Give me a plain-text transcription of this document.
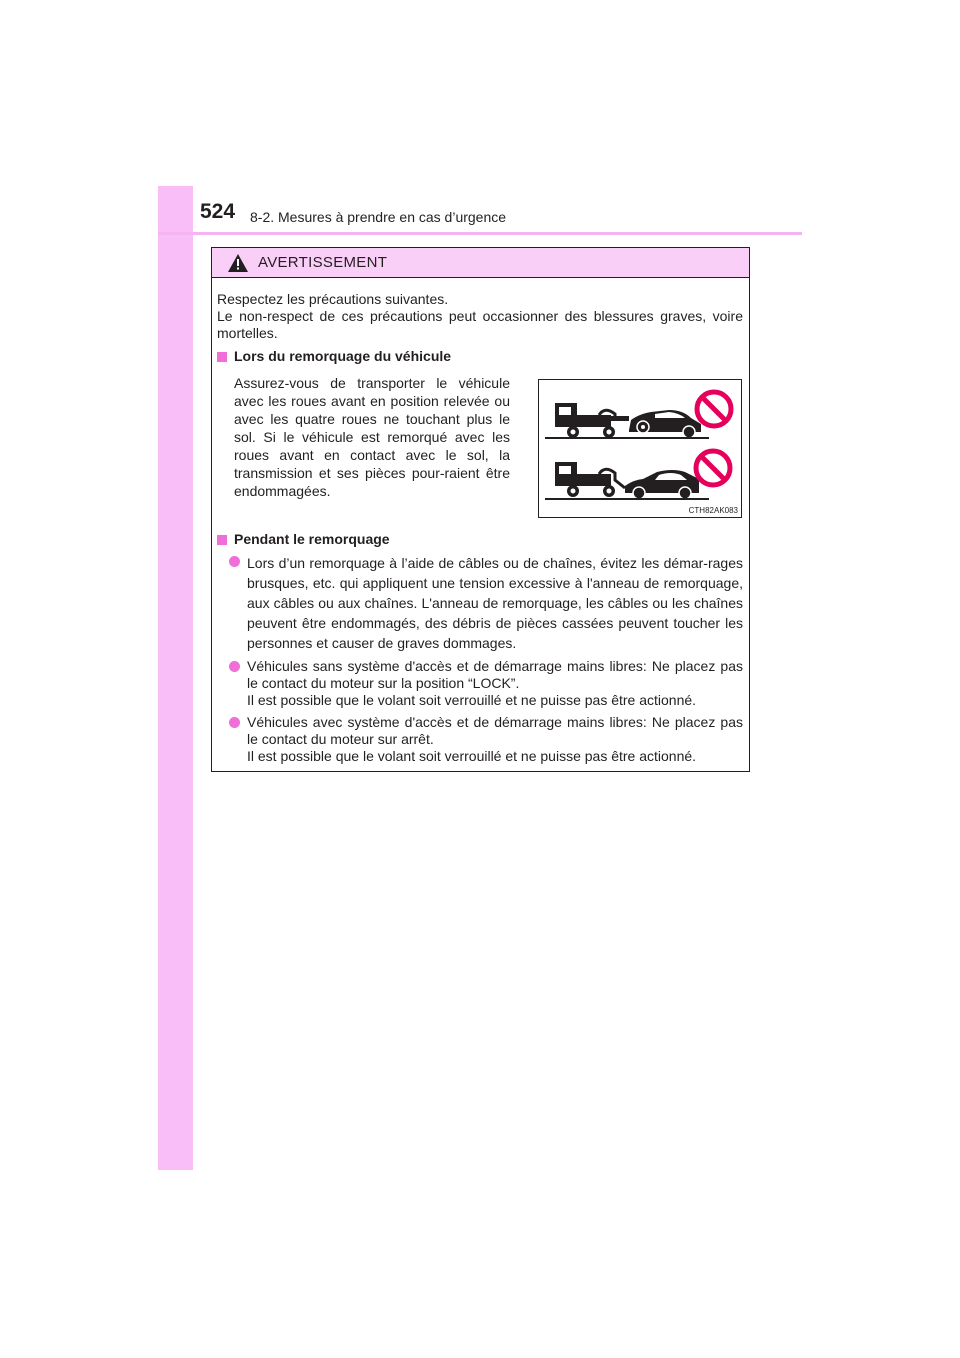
524 8-2. Mesures à prendre en cas d’urgence
AVERTISSEMENT

Respectez les précautions suivantes.

Le non-respect de ces précautions peut occasionner des blessures graves, voire mortelles.

Lors du remorquage du véhicule
Assurez-vous de transporter le véhicule avec les roues avant en position relevée ou avec les quatre roues ne touchant plus le sol. Si le véhicule est remorqué avec les roues avant en contact avec le sol, la transmission et ses pièces pour-raient être endommagées.
CTH82AK083
Pendant le remorquage
Lors d’un remorquage à l’aide de câbles ou de chaînes, évitez les démar-rages brusques, etc. qui appliquent une tension excessive à l'anneau de remorquage, aux câbles ou aux chaînes. L'anneau de remorquage, les câbles ou les chaînes peuvent être endommagés, des débris de pièces cassées peuvent toucher les personnes et causer de graves dommages.

Véhicules sans système d'accès et de démarrage mains libres: Ne placez pas le contact du moteur sur la position “LOCK”.

Il est possible que le volant soit verrouillé et ne puisse pas être actionné.

Véhicules avec système d'accès et de démarrage mains libres: Ne placez pas le contact du moteur sur arrêt.

Il est possible que le volant soit verrouillé et ne puisse pas être actionné.
